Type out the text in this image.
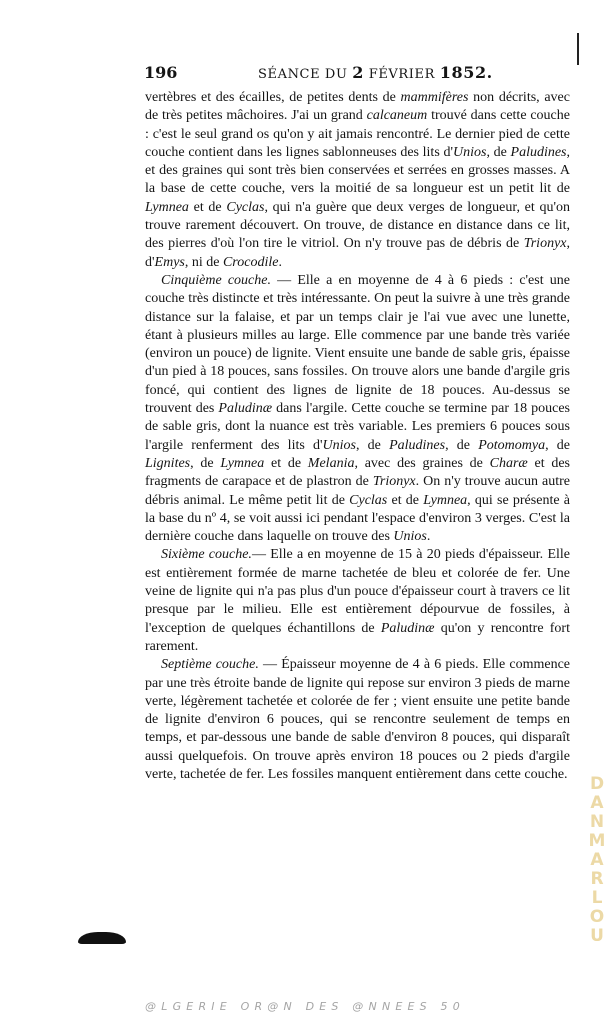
196	SÉANCE DU 2 FÉVRIER 1852.

vertèbres et des écailles, de petites dents de mammifères non décrits, avec de très petites mâchoires. J'ai un grand calcaneum trouvé dans cette couche : c'est le seul grand os qu'on y ait jamais rencontré. Le dernier pied de cette couche contient dans les lignes sablonneuses des lits d'Unios, de Paludines, et des graines qui sont très bien conservées et serrées en grosses masses. A la base de cette couche, vers la moitié de sa longueur est un petit lit de Lymnea et de Cyclas, qui n'a guère que deux verges de longueur, et qu'on trouve rarement découvert. On trouve, de distance en distance dans ce lit, des pierres d'où l'on tire le vitriol. On n'y trouve pas de débris de Trionyx, d'Emys, ni de Crocodile.

Cinquième couche. — Elle a en moyenne de 4 à 6 pieds : c'est une couche très distincte et très intéressante. On peut la suivre à une très grande distance sur la falaise, et par un temps clair je l'ai vue avec une lunette, étant à plusieurs milles au large. Elle commence par une bande très variée (environ un pouce) de lignite. Vient ensuite une bande de sable gris, épaisse d'un pied à 18 pouces, sans fossiles. On trouve alors une bande d'argile gris foncé, qui contient des lignes de lignite de 18 pouces. Au-dessus se trouvent des Paludinæ dans l'argile. Cette couche se termine par 18 pouces de sable gris, dont la nuance est très variable. Les premiers 6 pouces sous l'argile renferment des lits d'Unios, de Paludines, de Potomomya, de Lignites, de Lymnea et de Melania, avec des graines de Charæ et des fragments de carapace et de plastron de Trionyx. On n'y trouve aucun autre débris animal. Le même petit lit de Cyclas et de Lymnea, qui se présente à la base du nº 4, se voit aussi ici pendant l'espace d'environ 3 verges. C'est la dernière couche dans laquelle on trouve des Unios.

Sixième couche.— Elle a en moyenne de 15 à 20 pieds d'épaisseur. Elle est entièrement formée de marne tachetée de bleu et colorée de fer. Une veine de lignite qui n'a pas plus d'un pouce d'épaisseur court à travers ce lit presque par le milieu. Elle est entièrement dépourvue de fossiles, à l'exception de quelques échantillons de Paludinæ qu'on y rencontre fort rarement.

Septième couche. — Épaisseur moyenne de 4 à 6 pieds. Elle commence par une très étroite bande de lignite qui repose sur environ 3 pieds de marne verte, légèrement tachetée et colorée de fer ; vient ensuite une petite bande de lignite d'environ 6 pouces, qui se rencontre seulement de temps en temps, et par-dessous une bande de sable d'environ 8 pouces, qui disparaît aussi quelquefois. On trouve après environ 18 pouces ou 2 pieds d'argile verte, tachetée de fer. Les fossiles manquent entièrement dans cette couche. D
A
N
M
A
R
L
O
U
@LGERIE OR@N DES @NNEES 50
